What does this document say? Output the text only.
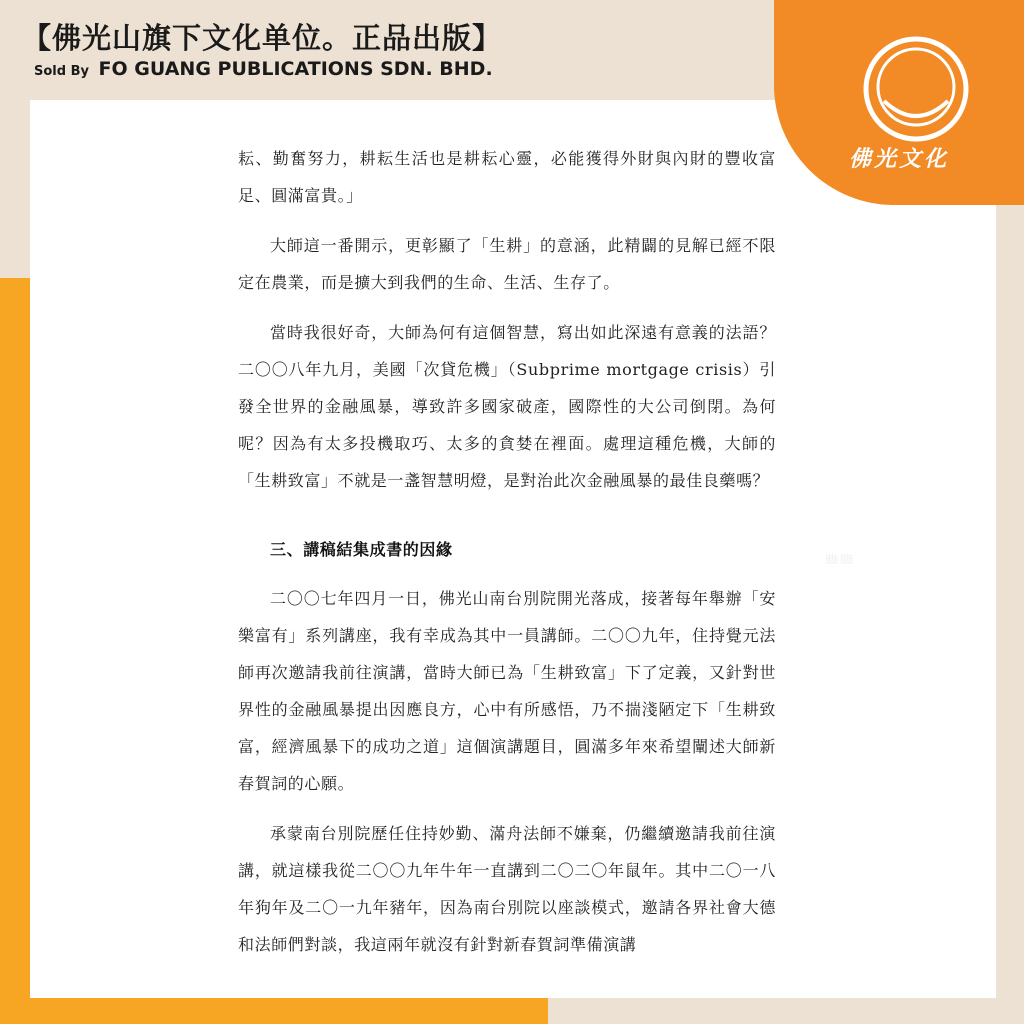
【佛光山旗下文化单位。正品出版】
Sold By FO GUANG PUBLICATIONS SDN. BHD.

耘、勤奮努力，耕耘生活也是耕耘心靈，必能獲得外財與內財的豐收富足、圓滿富貴。」

大師這一番開示，更彰顯了「生耕」的意涵，此精闢的見解已經不限定在農業，而是擴大到我們的生命、生活、生存了。

當時我很好奇，大師為何有這個智慧，寫出如此深遠有意義的法語？二〇〇八年九月，美國「次貸危機」（Subprime mortgage crisis）引發全世界的金融風暴，導致許多國家破產，國際性的大公司倒閉。為何呢？因為有太多投機取巧、太多的貪婪在裡面。處理這種危機，大師的「生耕致富」不就是一盞智慧明燈，是對治此次金融風暴的最佳良藥嗎？

三、講稿結集成書的因緣

二〇〇七年四月一日，佛光山南台別院開光落成，接著每年舉辦「安樂富有」系列講座，我有幸成為其中一員講師。二〇〇九年，住持覺元法師再次邀請我前往演講，當時大師已為「生耕致富」下了定義，又針對世界性的金融風暴提出因應良方，心中有所感悟，乃不揣淺陋定下「生耕致富，經濟風暴下的成功之道」這個演講題目，圓滿多年來希望闡述大師新春賀詞的心願。

承蒙南台別院歷任住持妙勤、滿舟法師不嫌棄，仍繼續邀請我前往演講，就這樣我從二〇〇九年牛年一直講到二〇二〇年鼠年。其中二〇一八年狗年及二〇一九年豬年，因為南台別院以座談模式，邀請各界社會大德和法師們對談，我這兩年就沒有針對新春賀詞準備演講

░░ ░░
佛光文化
